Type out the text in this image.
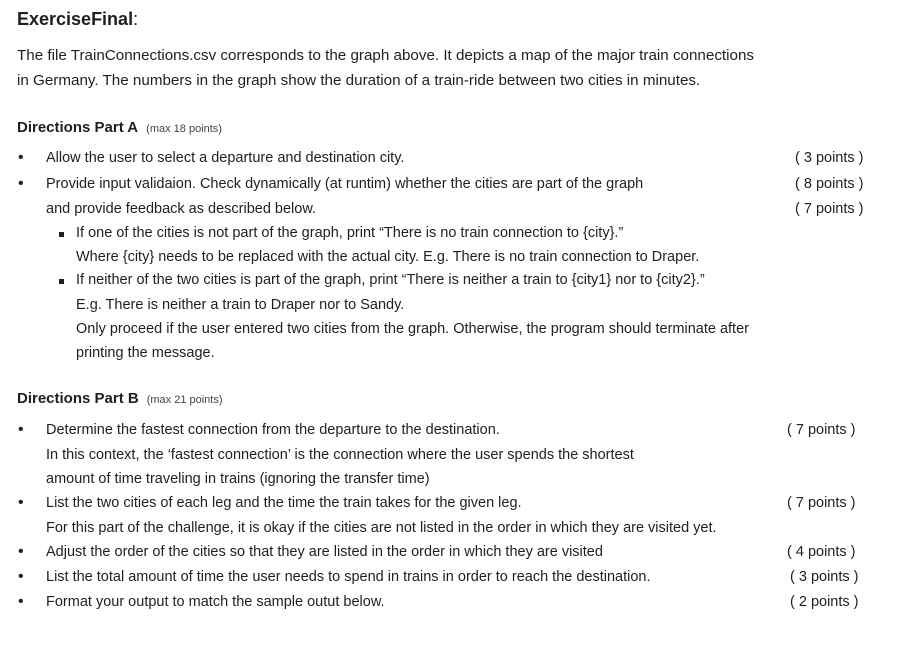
ExerciseFinal:
The file TrainConnections.csv corresponds to the graph above. It depicts a map of the major train connections
in Germany. The numbers in the graph show the duration of a train-ride between two cities in minutes.
Directions Part A (max 18 points)
• Allow the user to select a departure and destination city.	( 3 points )
• Provide input validaion. Check dynamically (at runtim) whether the cities are part of the graph	( 8 points )
and provide feedback as described below.	( 7 points )
If one of the cities is not part of the graph, print “There is no train connection to {city}.”
Where {city} needs to be replaced with the actual city. E.g. There is no train connection to Draper.
If neither of the two cities is part of the graph, print “There is neither a train to {city1} nor to {city2}.”
E.g. There is neither a train to Draper nor to Sandy.
Only proceed if the user entered two cities from the graph. Otherwise, the program should terminate after
printing the message.
Directions Part B (max 21 points)
• Determine the fastest connection from the departure to the destination.	( 7 points )
In this context, the ‘fastest connection’ is the connection where the user spends the shortest
amount of time traveling in trains (ignoring the transfer time)
• List the two cities of each leg and the time the train takes for the given leg.	( 7 points )
For this part of the challenge, it is okay if the cities are not listed in the order in which they are visited yet.
• Adjust the order of the cities so that they are listed in the order in which they are visited	( 4 points )
• List the total amount of time the user needs to spend in trains in order to reach the destination.	( 3 points )
• Format your output to match the sample outut below.	( 2 points )
